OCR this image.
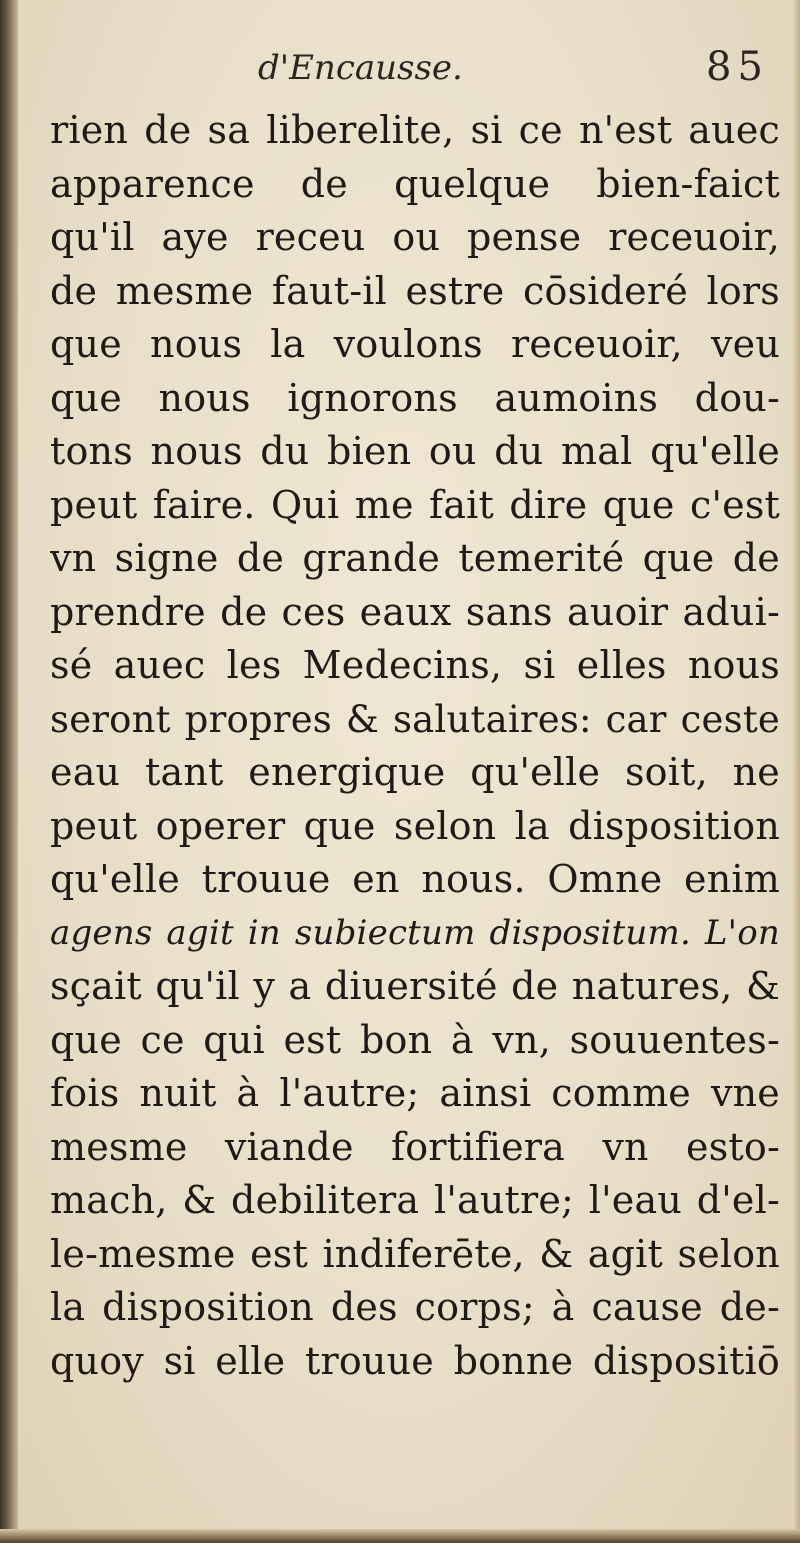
d'Encausse.	85
rien de sa liberelite, si ce n'est auec
apparence de quelque bien-faict
qu'il aye receu ou pense receuoir,
de mesme faut-il estre cōsideré lors
que nous la voulons receuoir, veu
que nous ignorons aumoins dou-
tons nous du bien ou du mal qu'elle
peut faire. Qui me fait dire que c'est
vn signe de grande temerité que de
prendre de ces eaux sans auoir adui-
sé auec les Medecins, si elles nous
seront propres & salutaires: car ceste
eau tant energique qu'elle soit, ne
peut operer que selon la disposition
qu'elle trouue en nous. Omne enim
agens agit in subiectum dispositum. L'on
sçait qu'il y a diuersité de natures, &
que ce qui est bon à vn, souuentes-
fois nuit à l'autre; ainsi comme vne
mesme viande fortifiera vn esto-
mach, & debilitera l'autre; l'eau d'el-
le-mesme est indiferēte, & agit selon
la disposition des corps; à cause de-
quoy si elle trouue bonne dispositiō
